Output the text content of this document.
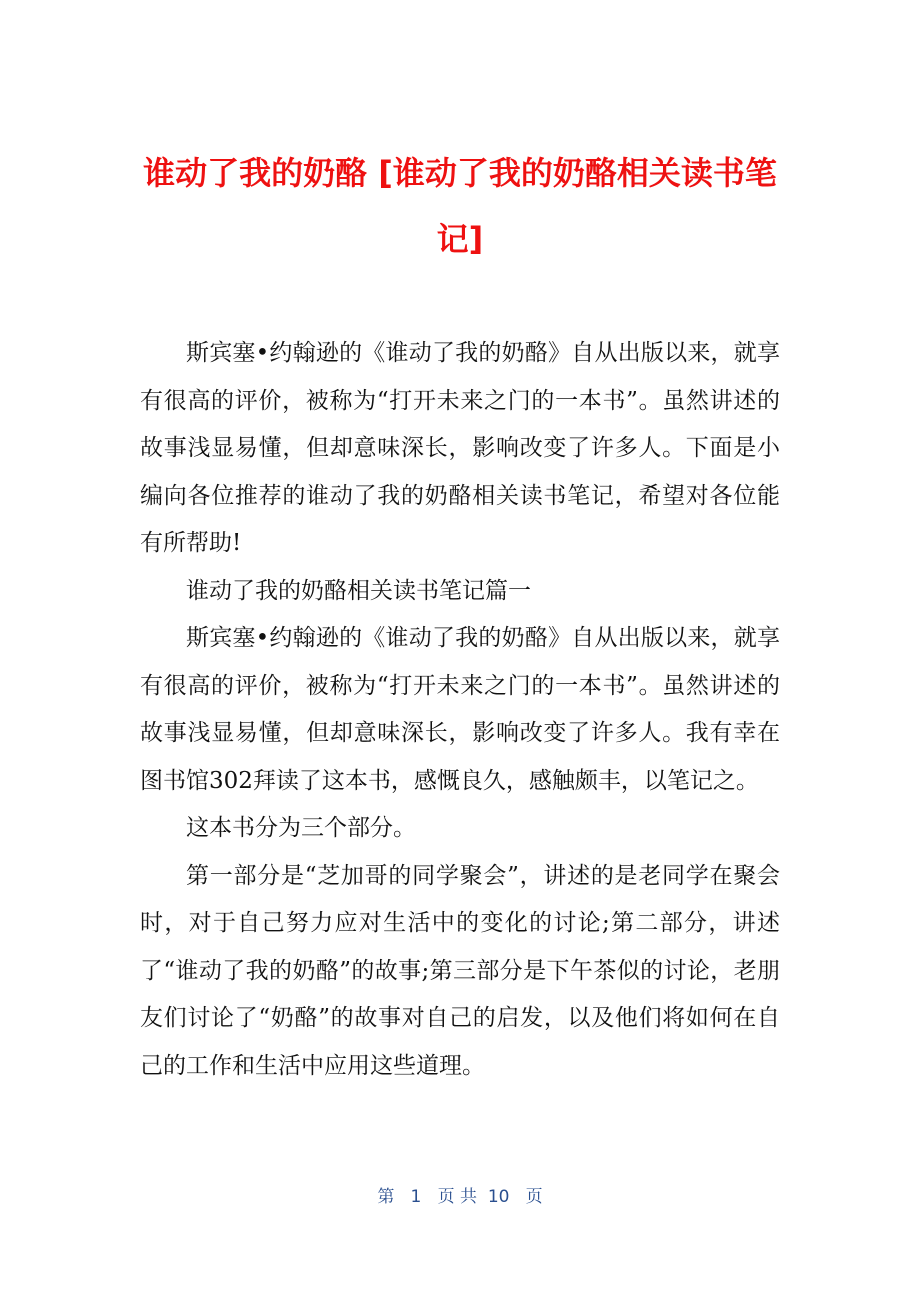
谁动了我的奶酪 [谁动了我的奶酪相关读书笔记]

斯宾塞•约翰逊的《谁动了我的奶酪》自从出版以来，就享有很高的评价，被称为“打开未来之门的一本书”。虽然讲述的故事浅显易懂，但却意味深长，影响改变了许多人。下面是小编向各位推荐的谁动了我的奶酪相关读书笔记，希望对各位能有所帮助!

谁动了我的奶酪相关读书笔记篇一

斯宾塞•约翰逊的《谁动了我的奶酪》自从出版以来，就享有很高的评价，被称为“打开未来之门的一本书”。虽然讲述的故事浅显易懂，但却意味深长，影响改变了许多人。我有幸在图书馆302拜读了这本书，感慨良久，感触颇丰，以笔记之。

这本书分为三个部分。

第一部分是“芝加哥的同学聚会”，讲述的是老同学在聚会时，对于自己努力应对生活中的变化的讨论;第二部分，讲述了“谁动了我的奶酪”的故事;第三部分是下午茶似的讨论，老朋友们讨论了“奶酪”的故事对自己的启发，以及他们将如何在自己的工作和生活中应用这些道理。

第 1 页 共 10 页
